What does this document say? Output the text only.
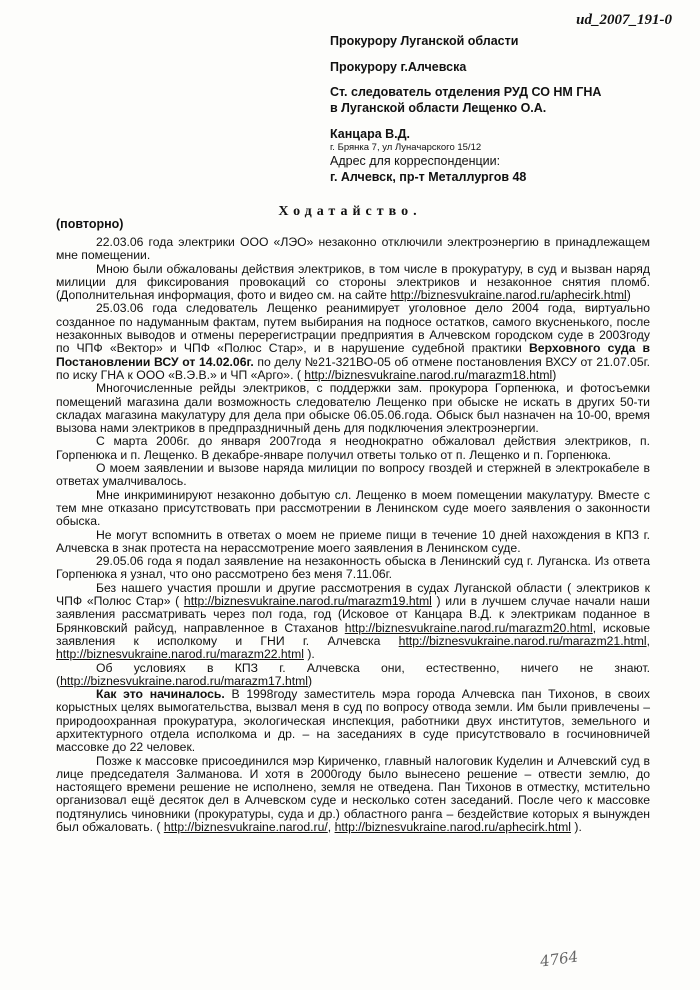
ud_2007_191-0
Прокурору Луганской области
Прокурору г.Алчевска
Ст. следователь отделения РУД СО НМ ГНА
в Луганской области Лещенко О.А.
Канцара В.Д.
г. Брянка 7, ул Луначарского 15/12
Адрес для корреспонденции:
г. Алчевск, пр-т Металлургов 48
Ходатайство.
(повторно)

22.03.06 года электрики ООО «ЛЭО» незаконно отключили электроэнергию в принадлежащем мне помещении.

Мною были обжалованы действия электриков, в том числе в прокуратуру, в суд и вызван наряд милиции для фиксирования провокаций со стороны электриков и незаконное снятия пломб. (Дополнительная информация, фото и видео см. на сайте http://biznesvukraine.narod.ru/aphecirk.html)

25.03.06 года следователь Лещенко реанимирует уголовное дело 2004 года, виртуально созданное по надуманным фактам, путем выбирания на подносе остатков, самого вкусненького, после незаконных выводов и отмены перерегистрации предприятия в Алчевском городском суде в 2003году по ЧПФ «Вектор» и ЧПФ «Полюс Стар», и в нарушение судебной практики Верховного суда в Постановлении ВСУ от 14.02.06г. по делу №21-321ВО-05 об отмене постановления ВХСУ от 21.07.05г. по иску ГНА к ООО «В.Э.В.» и ЧП «Арго». ( http://biznesvukraine.narod.ru/marazm18.html)

Многочисленные рейды электриков, с поддержки зам. прокурора Горпенюка, и фотосъемки помещений магазина дали возможность следователю Лещенко при обыске не искать в других 50-ти складах магазина макулатуру для дела при обыске 06.05.06.года. Обыск был назначен на 10-00, время вызова нами электриков в предпраздничный день для подключения электроэнергии.

С марта 2006г. до января 2007года я неоднократно обжаловал действия электриков, п. Горпенюка и п. Лещенко. В декабре-январе получил ответы только от п. Лещенко и п. Горпенюка.

О моем заявлении и вызове наряда милиции по вопросу гвоздей и стержней в электрокабеле в ответах умалчивалось.

Мне инкриминируют незаконно добытую сл. Лещенко в моем помещении макулатуру. Вместе с тем мне отказано присутствовать при рассмотрении в Ленинском суде моего заявления о законности обыска.

Не могут вспомнить в ответах о моем не приеме пищи в течение 10 дней нахождения в КПЗ г. Алчевска в знак протеста на нерассмотрение моего заявления в Ленинском суде.

29.05.06 года я подал заявление на незаконность обыска в Ленинский суд г. Луганска. Из ответа Горпенюка я узнал, что оно рассмотрено без меня 7.11.06г.

Без нашего участия прошли и другие рассмотрения в судах Луганской области ( электриков к ЧПФ «Полюс Стар» ( http://biznesvukraine.narod.ru/marazm19.html ) или в лучшем случае начали наши заявления рассматривать через пол года, год (Исковое от Канцара В.Д. к электрикам поданное в Брянковский райсуд, направленное в Стаханов http://biznesvukraine.narod.ru/marazm20.html, исковые заявления к исполкому и ГНИ г. Алчевска http://biznesvukraine.narod.ru/marazm21.html, http://biznesvukraine.narod.ru/marazm22.html ).

Об условиях в КПЗ г. Алчевска они, естественно, ничего не знают. (http://biznesvukraine.narod.ru/marazm17.html)

Как это начиналось. В 1998году заместитель мэра города Алчевска пан Тихонов, в своих корыстных целях вымогательства, вызвал меня в суд по вопросу отвода земли. Им были привлечены – природоохранная прокуратура, экологическая инспекция, работники двух институтов, земельного и архитектурного отдела исполкома и др. – на заседаниях в суде присутствовало в госчиновничей массовке до 22 человек.

Позже к массовке присоединился мэр Кириченко, главный налоговик Куделин и Алчевский суд в лице председателя Залманова. И хотя в 2000году было вынесено решение – отвести землю, до настоящего времени решение не исполнено, земля не отведена. Пан Тихонов в отместку, мстительно организовал ещё десяток дел в Алчевском суде и несколько сотен заседаний. После чего к массовке подтянулись чиновники (прокуратуры, суда и др.) областного ранга – бездействие которых я вынужден был обжаловать. ( http://biznesvukraine.narod.ru/, http://biznesvukraine.narod.ru/aphecirk.html ).

4764
